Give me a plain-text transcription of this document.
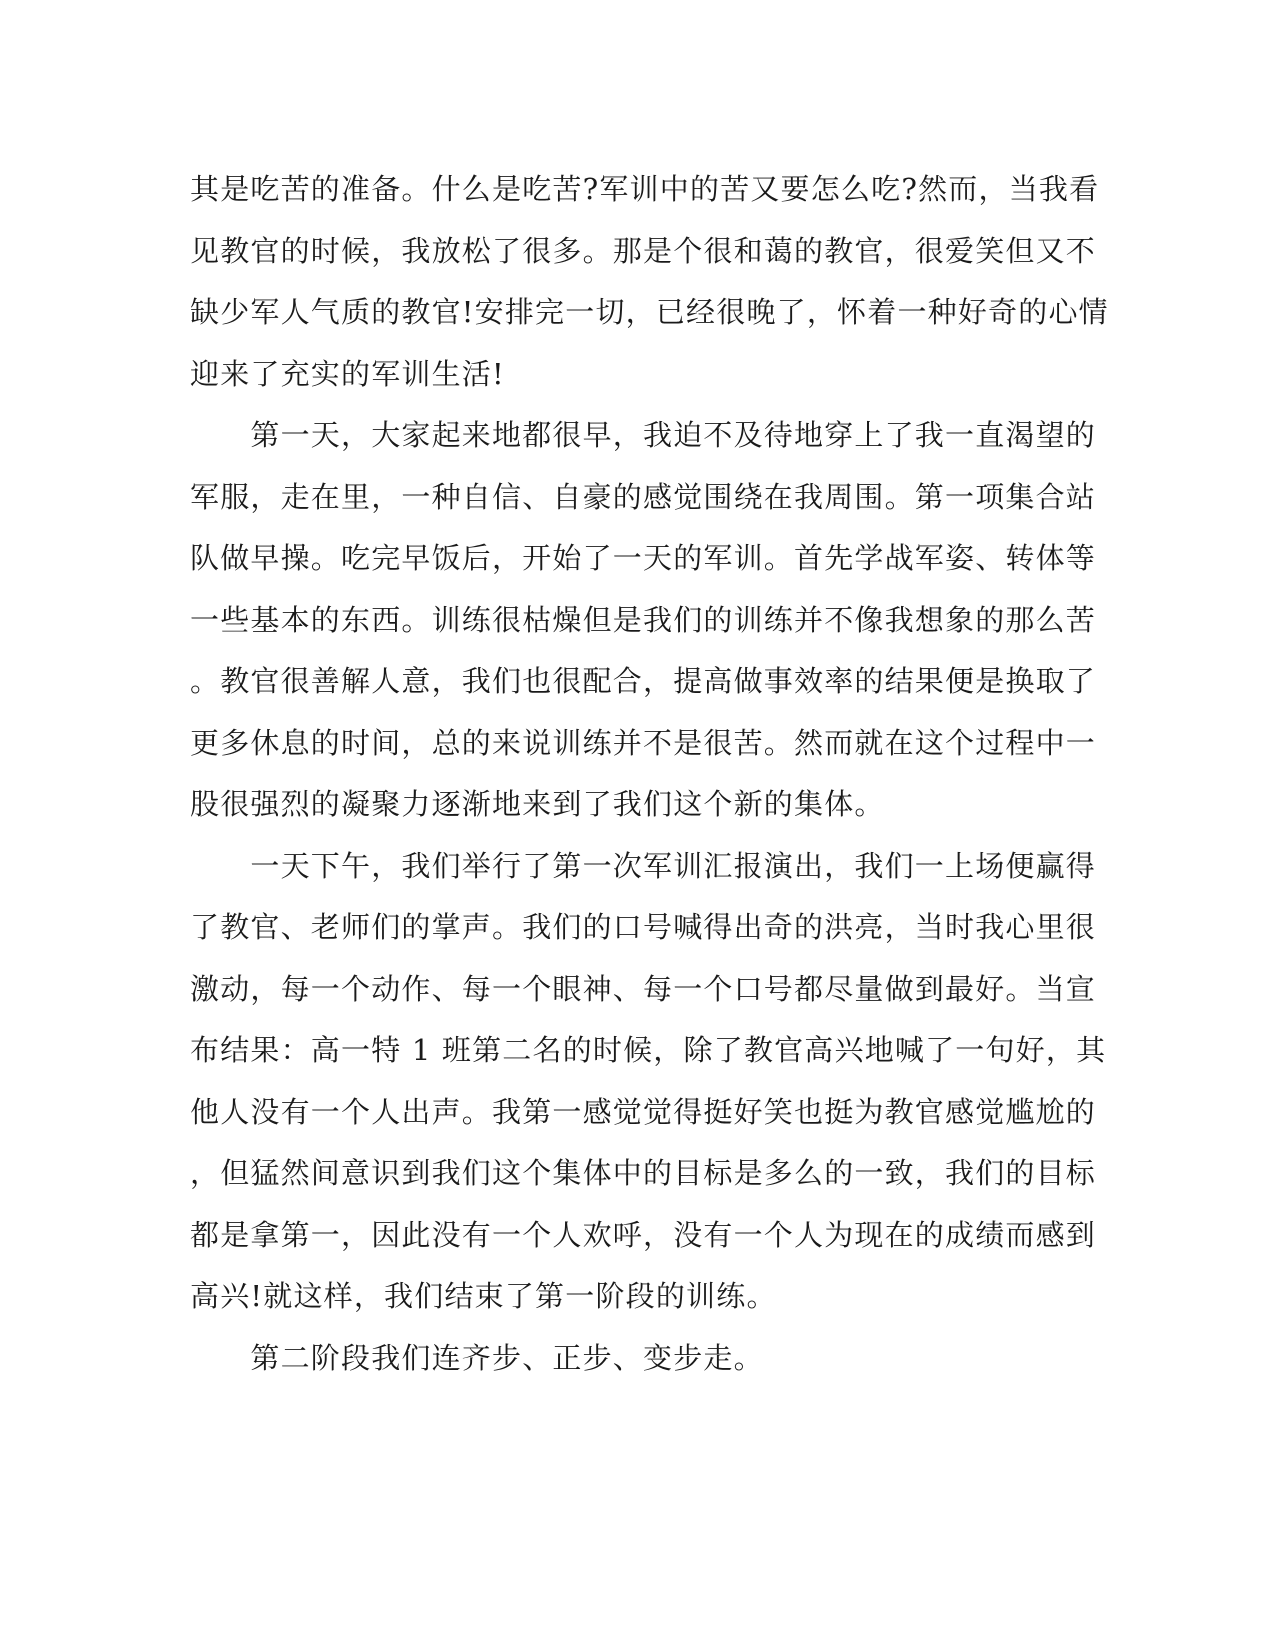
其是吃苦的准备。什么是吃苦?军训中的苦又要怎么吃?然而，当我看
见教官的时候，我放松了很多。那是个很和蔼的教官，很爱笑但又不
缺少军人气质的教官!安排完一切，已经很晚了，怀着一种好奇的心情
迎来了充实的军训生活!
　　第一天，大家起来地都很早，我迫不及待地穿上了我一直渴望的
军服，走在里，一种自信、自豪的感觉围绕在我周围。第一项集合站
队做早操。吃完早饭后，开始了一天的军训。首先学战军姿、转体等
一些基本的东西。训练很枯燥但是我们的训练并不像我想象的那么苦
。教官很善解人意，我们也很配合，提高做事效率的结果便是换取了
更多休息的时间，总的来说训练并不是很苦。然而就在这个过程中一
股很强烈的凝聚力逐渐地来到了我们这个新的集体。
　　一天下午，我们举行了第一次军训汇报演出，我们一上场便赢得
了教官、老师们的掌声。我们的口号喊得出奇的洪亮，当时我心里很
激动，每一个动作、每一个眼神、每一个口号都尽量做到最好。当宣
布结果：高一特 1 班第二名的时候，除了教官高兴地喊了一句好，其
他人没有一个人出声。我第一感觉觉得挺好笑也挺为教官感觉尴尬的
，但猛然间意识到我们这个集体中的目标是多么的一致，我们的目标
都是拿第一，因此没有一个人欢呼，没有一个人为现在的成绩而感到
高兴!就这样，我们结束了第一阶段的训练。
　　第二阶段我们连齐步、正步、变步走。
